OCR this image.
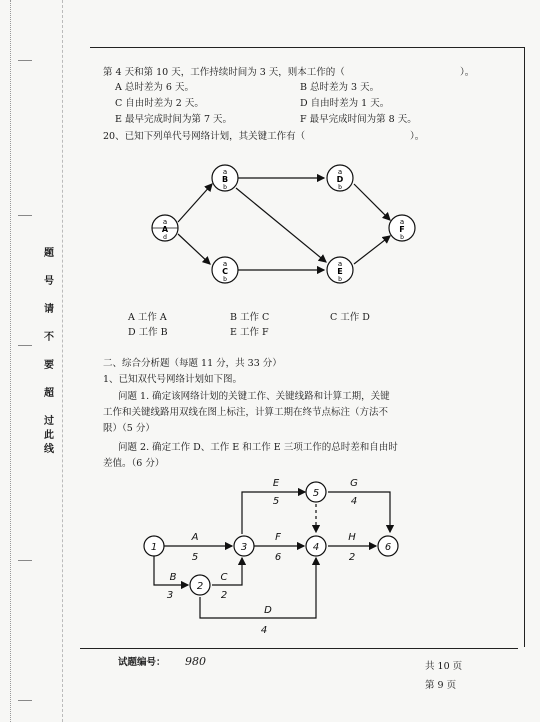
题
号
请
不
要
超
过
此
线
第 4 天和第 10 天，工作持续时间为 3 天，则本工作的（	）。
A 总时差为 6 天。	B 总时差为 3 天。
C 自由时差为 2 天。	D 自由时差为 1 天。
E 最早完成时间为第 7 天。	F 最早完成时间为第 8 天。
20、已知下列单代号网络计划，其关键工作有（	）。
a
A
d
a
B
b
a
C
b
a
D
b
a
E
b
a
F
b
A 工作 A	B 工作 C	C 工作 D
D 工作 B	E 工作 F
二、综合分析题（每题 11 分，共 33 分）
1、已知双代号网络计划如下图。
问题 1. 确定该网络计划的关键工作、关键线路和计算工期，关键
工作和关键线路用双线在图上标注，计算工期在终节点标注（方法不
限）（5 分）
问题 2. 确定工作 D、工作 E 和工作 E 三项工作的总时差和自由时
差值。（6 分）
1
2
3	4
5
6
A
5
B
3
C
2
D
4
E
5
F
6
G
4
H
2
试题编号： 980	共 10 页
第 9 页
